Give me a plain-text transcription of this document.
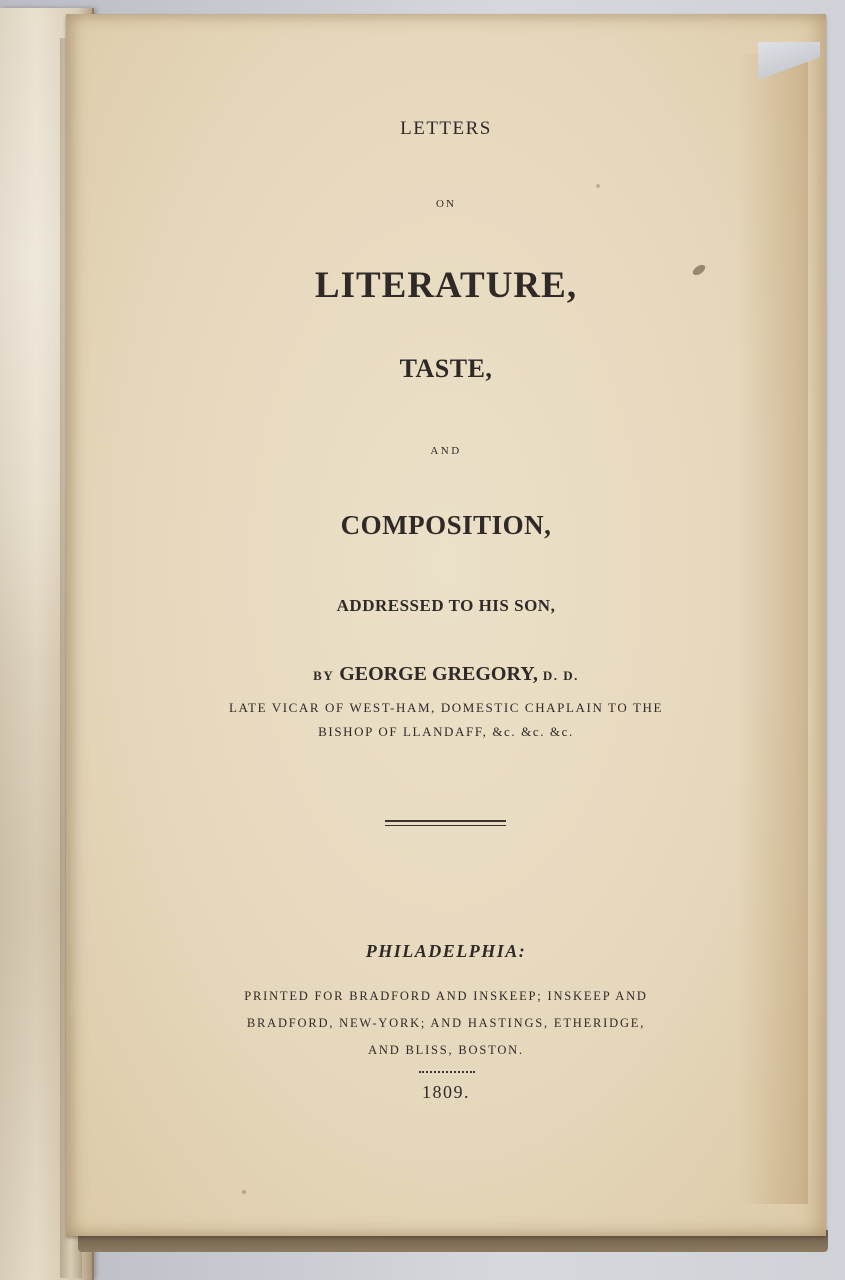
LETTERS

ON

LITERATURE,

TASTE,

AND

COMPOSITION,

ADDRESSED TO HIS SON,

BY GEORGE GREGORY, D. D.

LATE VICAR OF WEST-HAM, DOMESTIC CHAPLAIN TO THE

BISHOP OF LLANDAFF, &c. &c. &c.

PHILADELPHIA:

PRINTED FOR BRADFORD AND INSKEEP; INSKEEP AND

BRADFORD, NEW-YORK; AND HASTINGS, ETHERIDGE,

AND BLISS, BOSTON.

1809.
